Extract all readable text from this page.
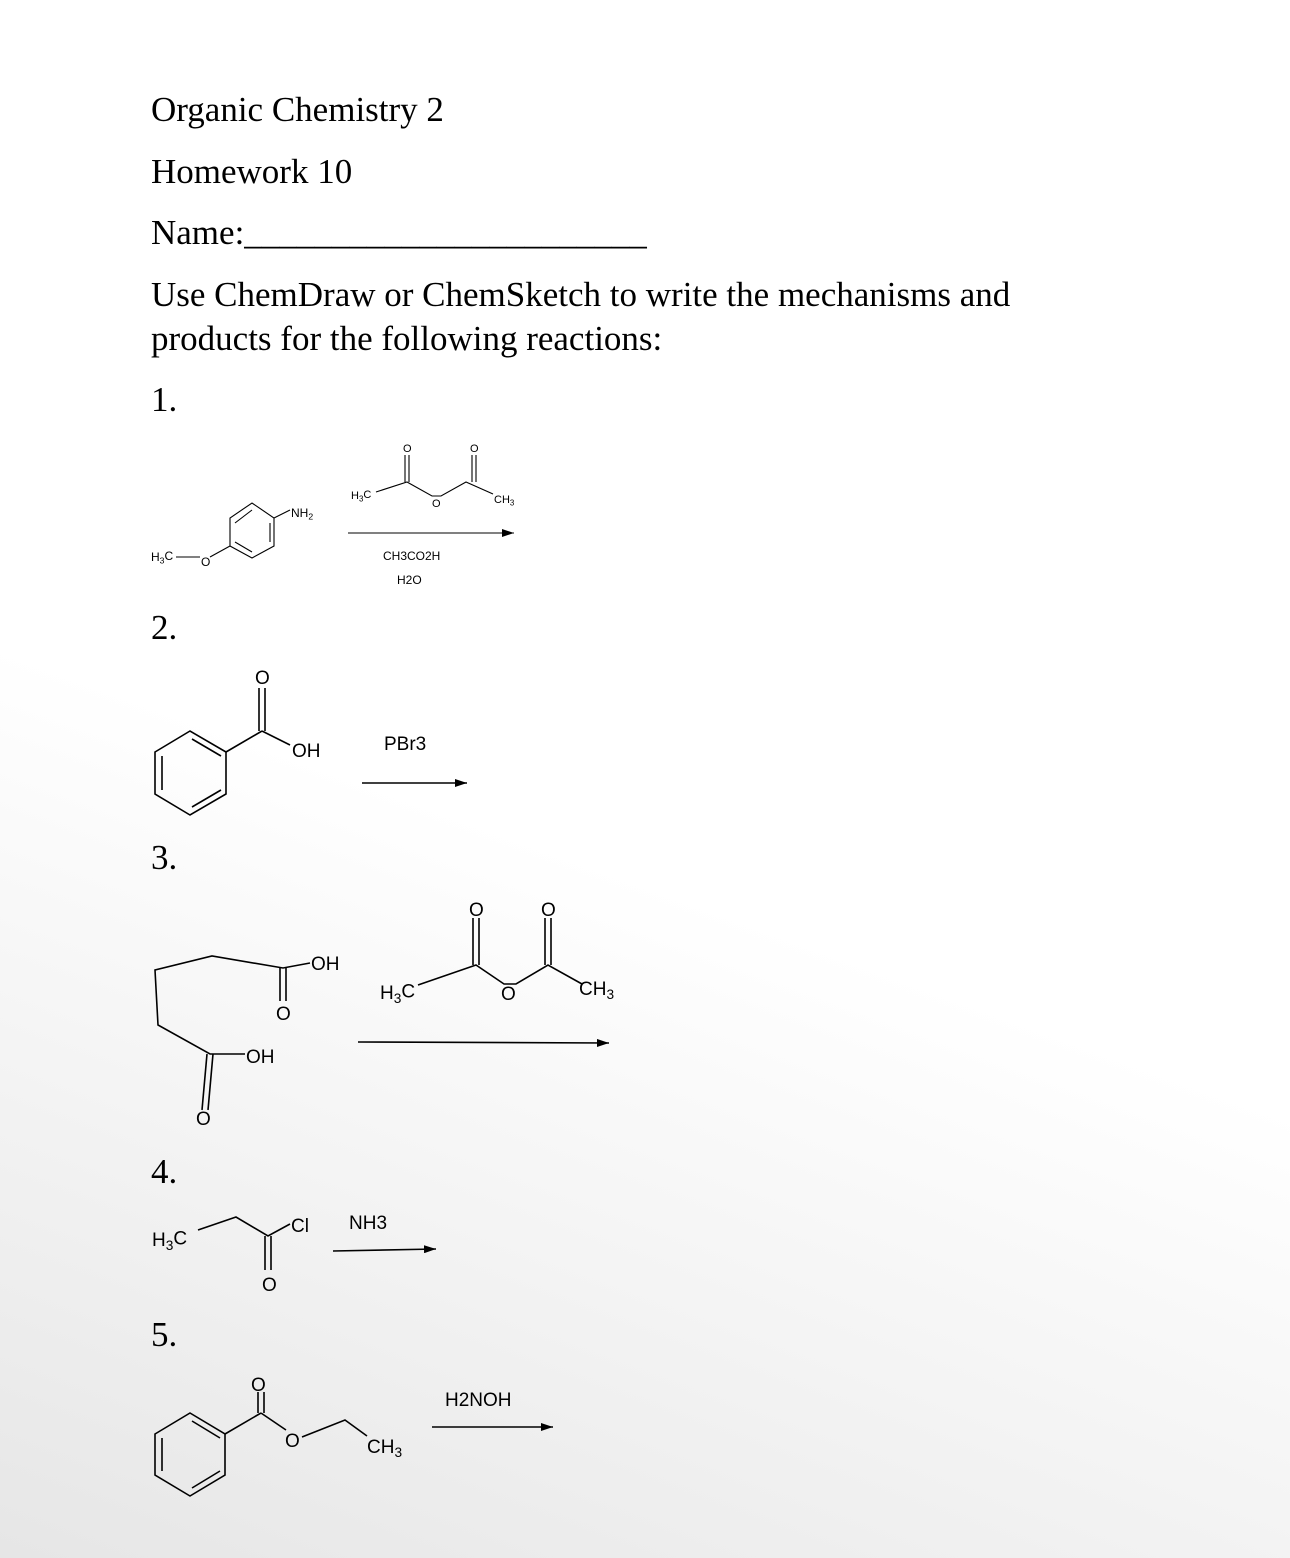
Organic Chemistry 2
Homework 10
Name:_______________________
Use ChemDraw or ChemSketch to write the mechanisms and
products for the following reactions:
1.
2.
3.
4.
5.
$H_3C$ O
$NH_2$
$H_3C$
O	O
O	$CH_3$
CH3CO2H
H2O
O
OH	PBr3
OH
O
OH
O
$H_3C$
O	O
O	$CH_3$
$H_3C$
Cl
O
NH3
O
O	$CH_3$
H2NOH
